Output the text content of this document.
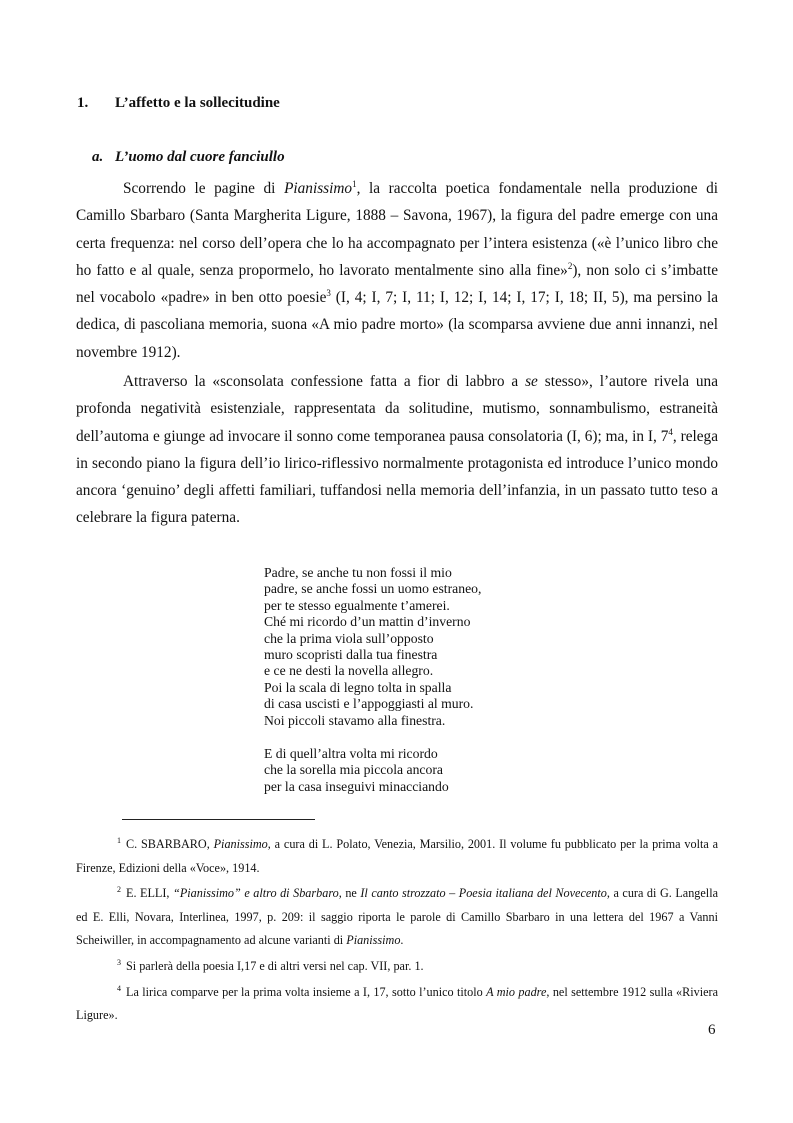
1. L’affetto e la sollecitudine
a. L’uomo dal cuore fanciullo
Scorrendo le pagine di Pianissimo$^1$, la raccolta poetica fondamentale nella produzione di Camillo Sbarbaro (Santa Margherita Ligure, 1888 – Savona, 1967), la figura del padre emerge con una certa frequenza: nel corso dell’opera che lo ha accompagnato per l’intera esistenza («è l’unico libro che ho fatto e al quale, senza propormelo, ho lavorato mentalmente sino alla fine»$^2$), non solo ci s’imbatte nel vocabolo «padre» in ben otto poesie$^3$ (I, 4; I, 7; I, 11; I, 12; I, 14; I, 17; I, 18; II, 5), ma persino la dedica, di pascoliana memoria, suona «A mio padre morto» (la scomparsa avviene due anni innanzi, nel novembre 1912).
Attraverso la «sconsolata confessione fatta a fior di labbro a se stesso», l’autore rivela una profonda negatività esistenziale, rappresentata da solitudine, mutismo, sonnambulismo, estraneità dell’automa e giunge ad invocare il sonno come temporanea pausa consolatoria (I, 6); ma, in I, $7^4$, relega in secondo piano la figura dell’io lirico-riflessivo normalmente protagonista ed introduce l’unico mondo ancora ‘genuino’ degli affetti familiari, tuffandosi nella memoria dell’infanzia, in un passato tutto teso a celebrare la figura paterna.
Padre, se anche tu non fossi il mio
padre, se anche fossi un uomo estraneo,
per te stesso egualmente t’amerei.
Ché mi ricordo d’un mattin d’inverno
che la prima viola sull’opposto
muro scopristi dalla tua finestra
e ce ne desti la novella allegro.
Poi la scala di legno tolta in spalla
di casa uscisti e l’appoggiasti al muro.
Noi piccoli stavamo alla finestra.
E di quell’altra volta mi ricordo
che la sorella mia piccola ancora
per la casa inseguivi minacciando
$^1$ C. SBARBARO, Pianissimo, a cura di L. Polato, Venezia, Marsilio, 2001. Il volume fu pubblicato per la prima volta a Firenze, Edizioni della «Voce», 1914.
$^2$ E. ELLI, “Pianissimo” e altro di Sbarbaro, ne Il canto strozzato – Poesia italiana del Novecento, a cura di G. Langella ed E. Elli, Novara, Interlinea, 1997, p. 209: il saggio riporta le parole di Camillo Sbarbaro in una lettera del 1967 a Vanni Scheiwiller, in accompagnamento ad alcune varianti di Pianissimo.
$^3$ Si parlerà della poesia I,17 e di altri versi nel cap. VII, par. 1.
$^4$ La lirica comparve per la prima volta insieme a I, 17, sotto l’unico titolo A mio padre, nel settembre 1912 sulla «Riviera Ligure».
6
